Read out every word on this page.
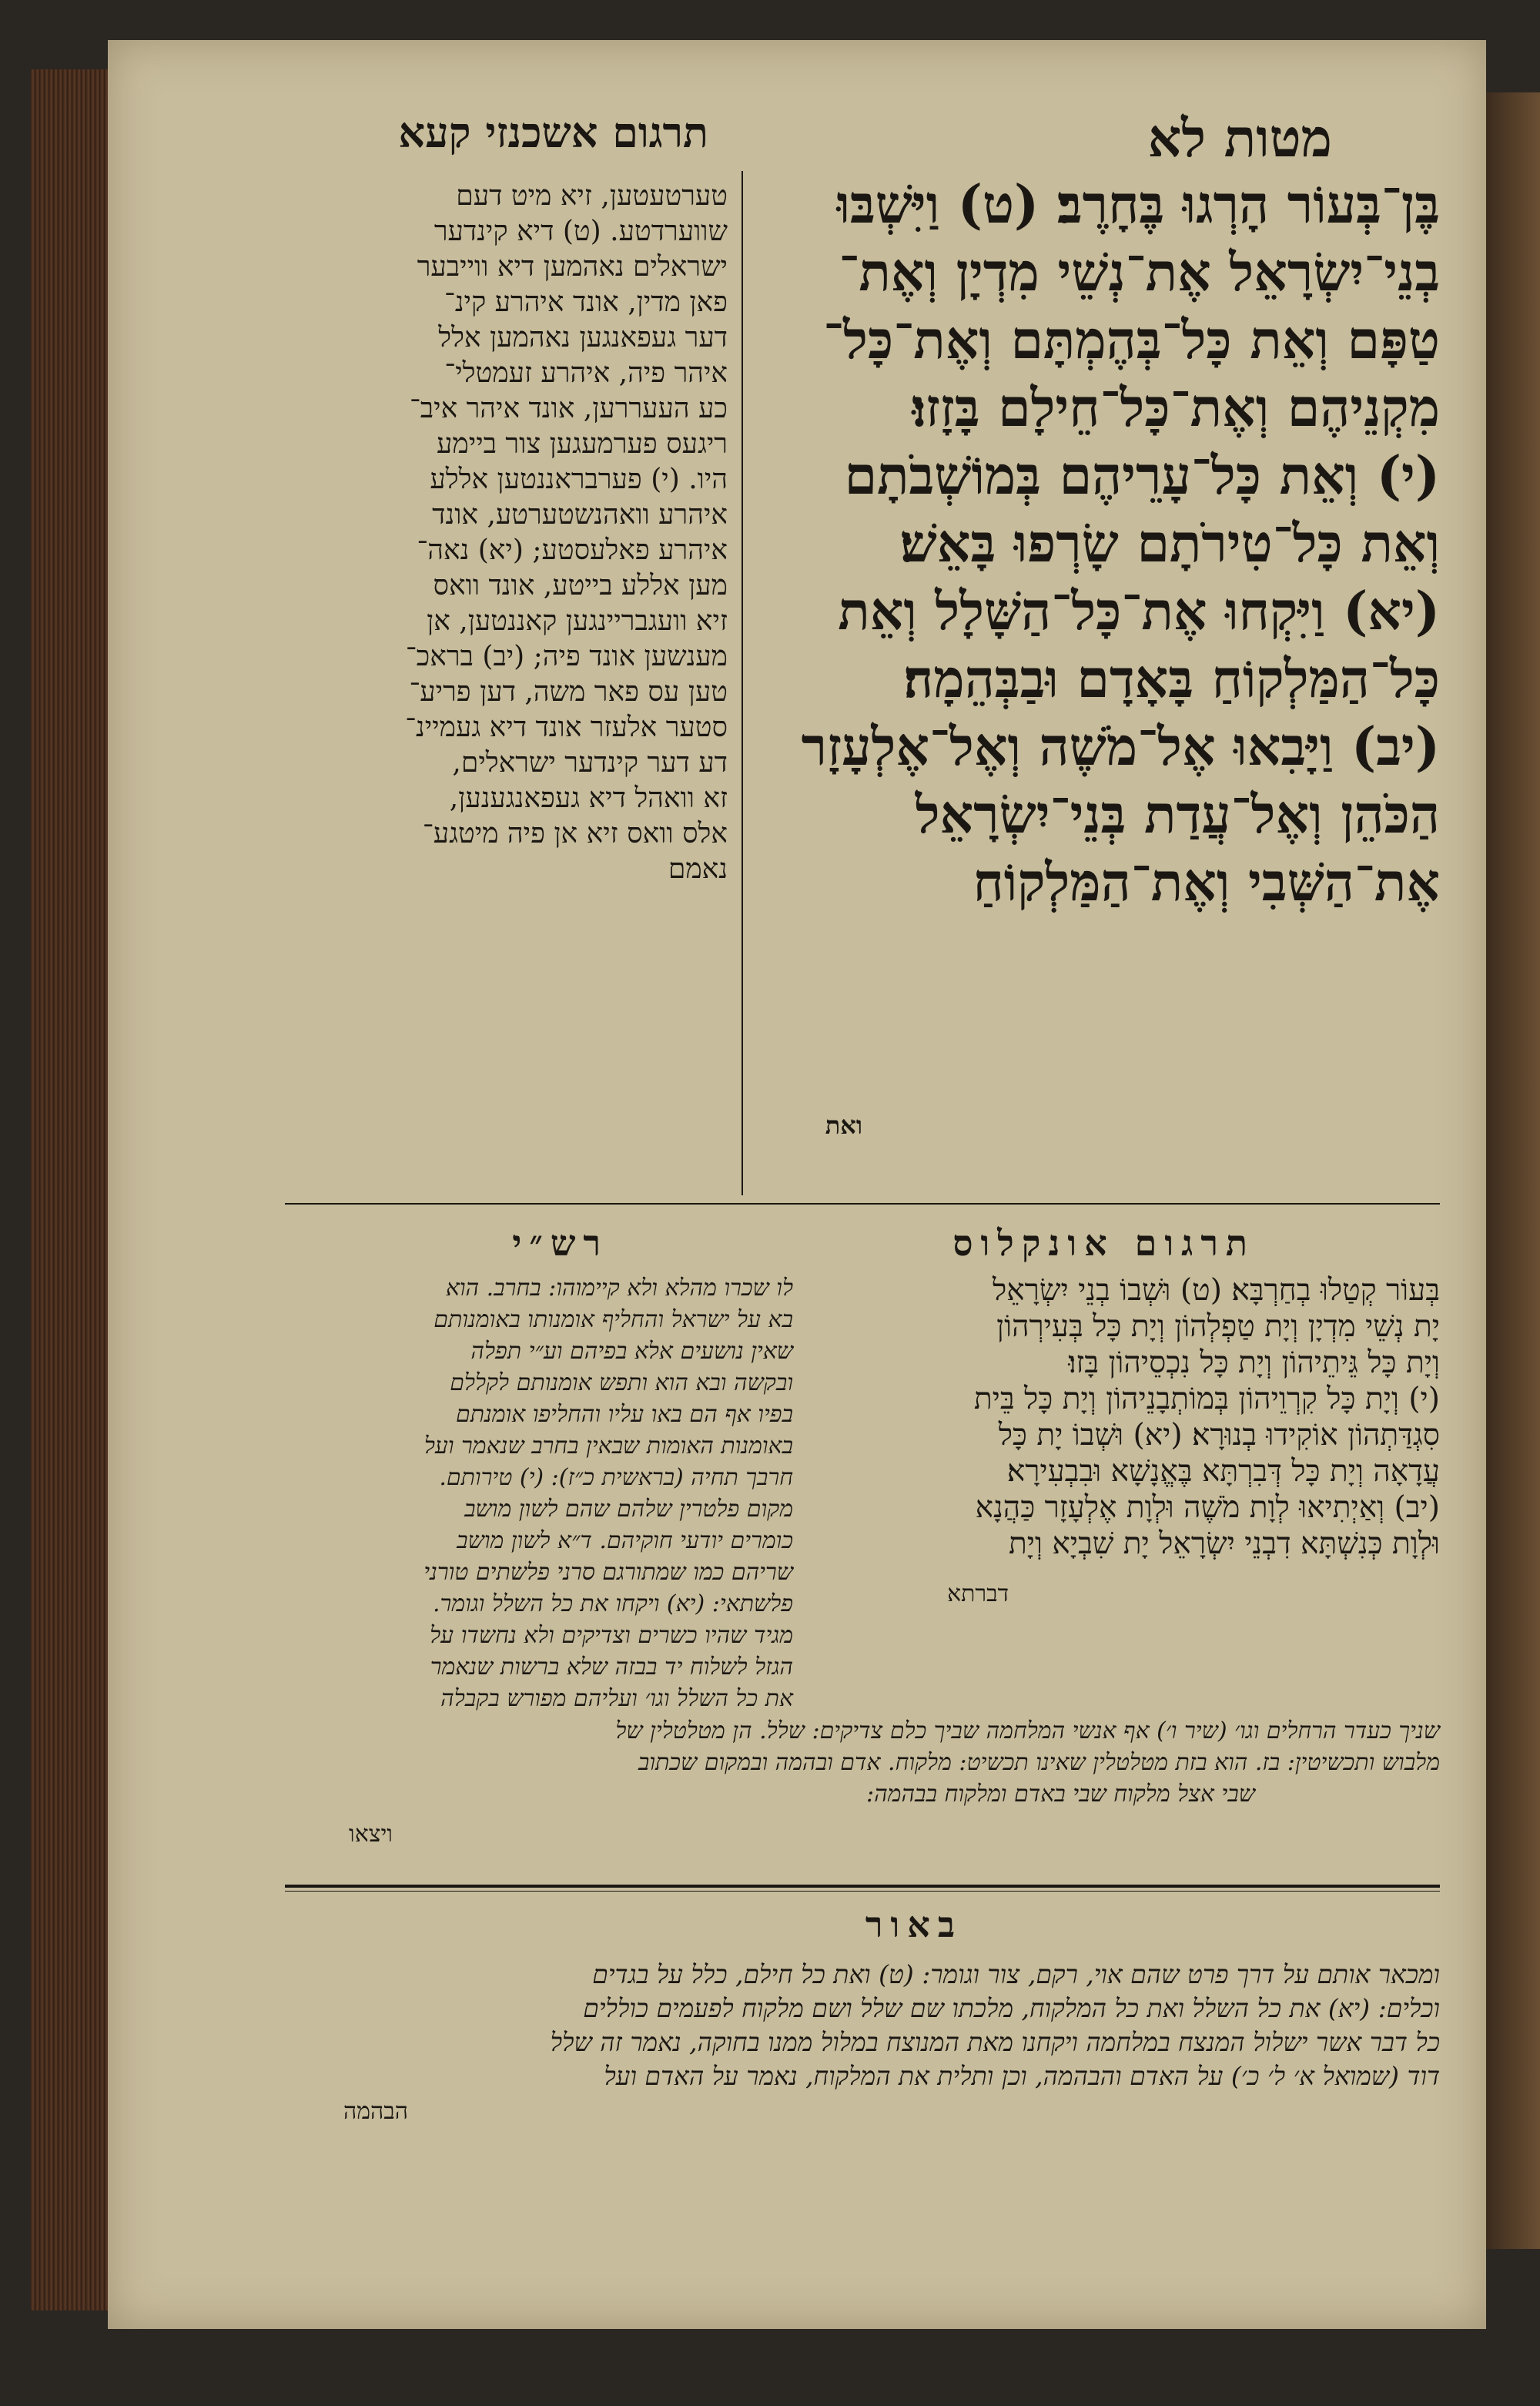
מטות לא
תרגום אשכנזי קעא
בֶּן־בְּעוֹר הָרְגוּ בֶּחָרֶב׃ (ט) וַיִּשְׁבּוּ
בְנֵי־יִשְׂרָאֵל אֶת־נְשֵׁי מִדְיָן וְאֶת־
טַפָּם וְאֵת כָּל־בְּהֶמְתָּם וְאֶת־כָּל־
מִקְנֵיהֶם וְאֶת־כָּל־חֵילָם בָּזָזוּ׃
(י) וְאֵת כָּל־עָרֵיהֶם בְּמוֹשְׁבֹתָם
וְאֵת כָּל־טִירֹתָם שָׂרְפוּ בָּאֵשׁ׃
(יא) וַיִּקְחוּ אֶת־כָּל־הַשָּׁלָל וְאֵת
כָּל־הַמַּלְקוֹחַ בָּאָדָם וּבַבְּהֵמָה׃
(יב) וַיָּבִאוּ אֶל־מֹשֶׁה וְאֶל־אֶלְעָזָר
הַכֹּהֵן וְאֶל־עֲדַת בְּנֵי־יִשְׂרָאֵל
אֶת־הַשְּׁבִי וְאֶת־הַמַּלְקוֹחַ
ואת
טערטעטען, זיא מיט דעם
שווערדטע. (ט) דיא קינדער
ישראלים נאהמען דיא ווייבער
פאן מדין, אונד איהרע קינ־
דער געפאנגען נאהמען אלל
איהר פיה, איהרע זעמטלי־
כע העעררען, אונד איהר איב־
ריגעס פערמעגען צור ביימע
היו. (י) פערבראננטען אללע
איהרע וואהנשטערטע, אונד
איהרע פאלעסטע; (יא) נאה־
מען אללע בייטע, אונד וואס
זיא וועגבריינגען קאננטען, אן
מענשען אונד פיה; (יב) בראכ־
טען עס פאר משה, דען פריע־
סטער אלעזר אונד דיא געמיינ־
דע דער קינדער ישראלים,
זא וואהל דיא געפאנגענען,
אלס וואס זיא אן פיה מיטגע־
נאמם
תרגום אונקלוס
בְּעוֹר קְטַלוּ בְחַרְבָּא׃ (ט) וּשְׁבוֹ בְנֵי יִשְׂרָאֵל
יָת נְשֵׁי מִדְיָן וְיָת טַפְלְהוֹן וְיָת כָּל בְּעִירְהוֹן
וְיָת כָּל גֵּיתֵיהוֹן וְיָת כָּל נִכְסֵיהוֹן בָּזוּ׃
(י) וְיָת כָּל קִרְוֵיהוֹן בְּמוֹתְבָנֵיהוֹן וְיָת כָּל בֵּית
סִגְדַּתְהוֹן אוֹקִידוּ בְנוּרָא׃ (יא) וּשְׁבוֹ יָת כָּל
עֲדָאָה וְיָת כָּל דְּבִרְתָּא בֶּאֱנָשָׁא וּבִבְעִירָא׃
(יב) וְאַיְתִיאוּ לְוָת מֹשֶׁה וּלְוָת אֶלְעָזָר כַּהֲנָא
וּלְוָת כְּנִשְׁתָּא דִבְנֵי יִשְׂרָאֵל יָת שִׁבְיָא וְיָת
דברתא
רש״י
לו שכרו מהלא ולא קיימוהו: בחרב. הוא
בא על ישראל והחליף אומנותו באומנותם
שאין נושעים אלא בפיהם וע״י תפלה
ובקשה ובא הוא ותפש אומנותם לקללם
בפיו אף הם באו עליו והחליפו אומנתם
באומנות האומות שבאין בחרב שנאמר ועל
חרבך תחיה (בראשית כ״ז): (י) טירותם.
מקום פלטרין שלהם שהם לשון מושב
כומרים יודעי חוקיהם. ד״א לשון מושב
שריהם כמו שמתורגם סרני פלשתים טורני
פלשתאי: (יא) ויקחו את כל השלל וגומר.
מגיד שהיו כשרים וצדיקים ולא נחשדו על
הגזל לשלוח יד בבזה שלא ברשות שנאמר
את כל השלל וגו׳ ועליהם מפורש בקבלה
שניך כעדר הרחלים וגו׳ (שיר ו׳) אף אנשי המלחמה שביך כלם צדיקים: שלל. הן מטלטלין של
מלבוש ותכשיטין: בז. הוא בזת מטלטלין שאינו תכשיט: מלקוח. אדם ובהמה ובמקום שכתוב
שבי אצל מלקוח שבי באדם ומלקוח בבהמה:
ויצאו
באור
ומכאר אותם על דרך פרט שהם אוי, רקם, צור וגומר: (ט) ואת כל חילם, כלל על בגדים
וכלים: (יא) את כל השלל ואת כל המלקוח, מלכתו שם שלל ושם מלקוח לפעמים כוללים
כל דבר אשר ישלול המנצח במלחמה ויקחנו מאת המנוצח במלול ממנו בחוקה, נאמר זה שלל
דוד (שמואל א׳ ל׳ כ׳) על האדם והבהמה, וכן ותלית את המלקוח, נאמר על האדם ועל
הבהמה
